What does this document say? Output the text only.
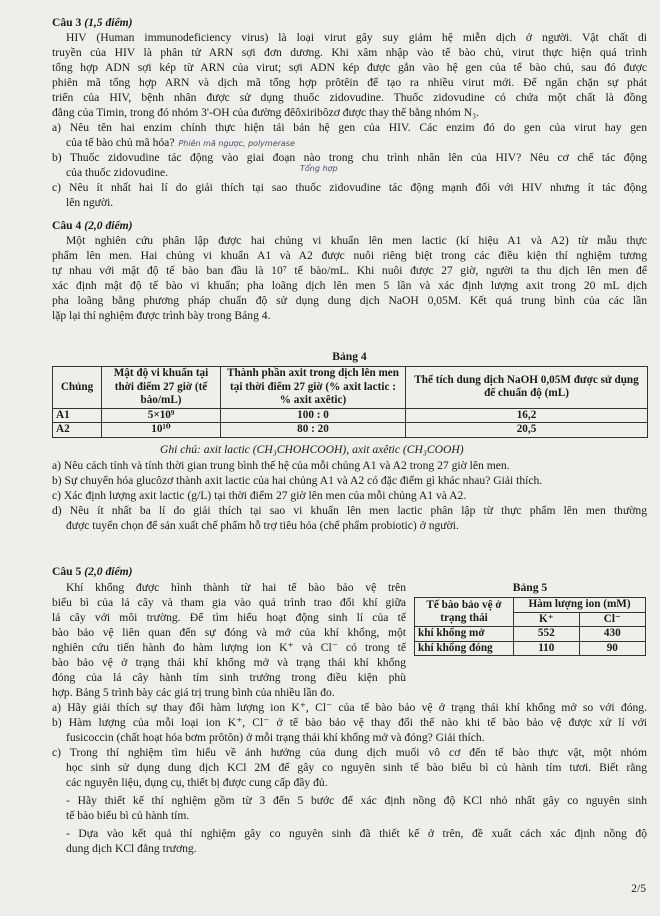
Câu 3 (1,5 điểm)
HIV (Human immunodeficiency virus) là loại virut gây suy giảm hệ miễn dịch ở người. Vật chất di
truyền của HIV là phân tử ARN sợi đơn dương. Khi xâm nhập vào tế bào chủ, virut thực hiện quá trình
tổng hợp ADN sợi kép từ ARN của virut; sợi ADN kép được gắn vào hệ gen của tế bào chủ, sau đó được
phiên mã tổng hợp ARN và dịch mã tổng hợp prôtêin để tạo ra nhiều virut mới. Để ngăn chặn sự phát
triển của HIV, bệnh nhân được sử dụng thuốc zidovudine. Thuốc zidovudine có chứa một chất là đồng
đẳng của Timin, trong đó nhóm 3'-OH của đường đêôxiribôzơ được thay thế bằng nhóm N₃.
a) Nêu tên hai enzim chính thực hiện tái bản hệ gen của HIV. Các enzim đó do gen của virut hay gen
của tế bào chủ mã hóa? Phiên mã ngược, polymerase
b) Thuốc zidovudine tác động vào giai đoạn nào trong chu trình nhân lên của HIV? Nêu cơ chế tác động
của thuốc zidovudine.	Tổng hợp
c) Nêu ít nhất hai lí do giải thích tại sao thuốc zidovudine tác động mạnh đối với HIV nhưng ít tác động
lên người.
Câu 4 (2,0 điểm)
Một nghiên cứu phân lập được hai chủng vi khuẩn lên men lactic (kí hiệu A1 và A2) từ mẫu thực
phẩm lên men. Hai chủng vi khuẩn A1 và A2 được nuôi riêng biệt trong các điều kiện thí nghiệm tương
tự nhau với mật độ tế bào ban đầu là 10⁷ tế bào/mL. Khi nuôi được 27 giờ, người ta thu dịch lên men để
xác định mật độ tế bào vi khuẩn; pha loãng dịch lên men 5 lần và xác định lượng axit trong 20 mL dịch
pha loãng bằng phương pháp chuẩn độ sử dụng dung dịch NaOH 0,05M. Kết quả trung bình của các lần
lặp lại thí nghiệm được trình bày trong Bảng 4.
Bảng 4
Chủng	Mật độ vi khuẩn tại thời điểm 27 giờ (tế bào/mL)	Thành phần axit trong dịch lên men tại thời điểm 27 giờ (% axit lactic : % axit axêtic)	Thể tích dung dịch NaOH 0,05M được sử dụng để chuẩn độ (mL)
A1	5×10⁹	100 : 0	16,2
A2	10¹⁰	80 : 20	20,5
Ghi chú: axit lactic (CH₃CHOHCOOH), axit axêtic (CH₃COOH)
a) Nêu cách tính và tính thời gian trung bình thế hệ của mỗi chủng A1 và A2 trong 27 giờ lên men.
b) Sự chuyển hóa glucôzơ thành axit lactic của hai chủng A1 và A2 có đặc điểm gì khác nhau? Giải thích.
c) Xác định lượng axit lactic (g/L) tại thời điểm 27 giờ lên men của mỗi chủng A1 và A2.
d) Nêu ít nhất ba lí do giải thích tại sao vi khuẩn lên men lactic phân lập từ thực phẩm lên men thường
được tuyển chọn để sản xuất chế phẩm hỗ trợ tiêu hóa (chế phẩm probiotic) ở người.
Câu 5 (2,0 điểm)
Khí khổng được hình thành từ hai tế bào bảo vệ trên
biểu bì của lá cây và tham gia vào quá trình trao đổi khí giữa
lá cây với môi trường. Để tìm hiểu hoạt động sinh lí của tế
bào bảo vệ liên quan đến sự đóng và mở của khí khổng, một
nghiên cứu tiến hành đo hàm lượng ion K⁺ và Cl⁻ có trong tế
bào bảo vệ ở trạng thái khí khổng mở và trạng thái khí khổng
đóng của lá cây hành tím sinh trưởng trong điều kiện phù
hợp. Bảng 5 trình bày các giá trị trung bình của nhiều lần đo.
Bảng 5
Tế bào bảo vệ ở trạng thái	Hàm lượng ion (mM)	
	K⁺	Cl⁻
khí khổng mở	552	430
khí khổng đóng	110	90
a) Hãy giải thích sự thay đổi hàm lượng ion K⁺, Cl⁻ của tế bào bảo vệ ở trạng thái khí khổng mở so với đóng.
b) Hàm lượng của mỗi loại ion K⁺, Cl⁻ ở tế bào bảo vệ thay đổi thế nào khi tế bào bảo vệ được xử lí với
fusicoccin (chất hoạt hóa bơm prôtôn) ở mỗi trạng thái khí khổng mở và đóng? Giải thích.
c) Trong thí nghiệm tìm hiểu về ảnh hưởng của dung dịch muối vô cơ đến tế bào thực vật, một nhóm
học sinh sử dụng dung dịch KCl 2M để gây co nguyên sinh tế bào biểu bì củ hành tím tươi. Biết rằng
các nguyên liệu, dụng cụ, thiết bị được cung cấp đầy đủ.
- Hãy thiết kế thí nghiệm gồm từ 3 đến 5 bước để xác định nồng độ KCl nhỏ nhất gây co nguyên sinh
tế bào biểu bì củ hành tím.
- Dựa vào kết quả thí nghiệm gây co nguyên sinh đã thiết kế ở trên, đề xuất cách xác định nồng độ
dung dịch KCl đẳng trương.
2/5
